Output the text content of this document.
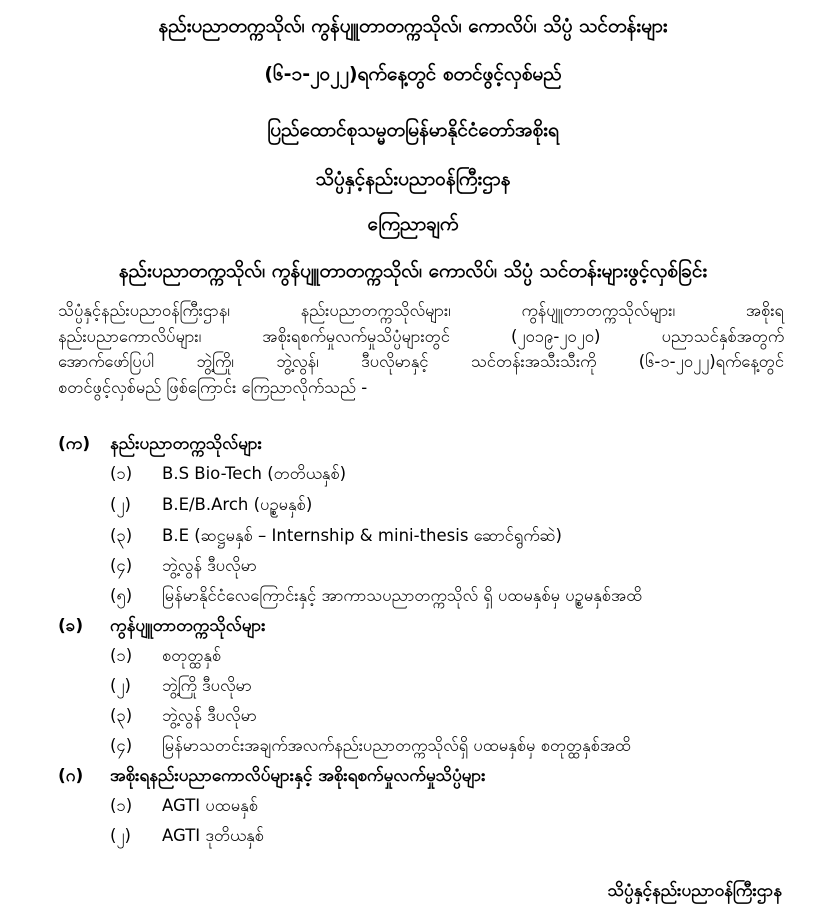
နည်းပညာတက္ကသိုလ်၊ ကွန်ပျူတာတက္ကသိုလ်၊ ကောလိပ်၊ သိပ္ပံ သင်တန်းများ
(၆-၁-၂၀၂၂)ရက်နေ့တွင် စတင်ဖွင့်လှစ်မည်
ပြည်ထောင်စုသမ္မတမြန်မာနိုင်ငံတော်အစိုးရ
သိပ္ပံနှင့်နည်းပညာဝန်ကြီးဌာန
ကြေညာချက်
နည်းပညာတက္ကသိုလ်၊ ကွန်ပျူတာတက္ကသိုလ်၊ ကောလိပ်၊ သိပ္ပံ သင်တန်းများဖွင့်လှစ်ခြင်း
သိပ္ပံနှင့်နည်းပညာဝန်ကြီးဌာန၊ နည်းပညာတက္ကသိုလ်များ၊ ကွန်ပျူတာတက္ကသိုလ်များ၊ အစိုးရ
နည်းပညာကောလိပ်များ၊ အစိုးရစက်မှုလက်မှုသိပ္ပံများတွင် (၂၀၁၉-၂၀၂၀) ပညာသင်နှစ်အတွက်
အောက်ဖော်ပြပါ ဘွဲ့ကြို၊ ဘွဲ့လွန်၊ ဒီပလိုမာနှင့် သင်တန်းအသီးသီးကို (၆-၁-၂၀၂၂)ရက်နေ့တွင်
စတင်ဖွင့်လှစ်မည် ဖြစ်ကြောင်း ကြေညာလိုက်သည် -
(က) နည်းပညာတက္ကသိုလ်များ
(၁) B.S Bio-Tech (တတိယနှစ်)
(၂) B.E/B.Arch (ပဥ္စမနှစ်)
(၃) B.E (ဆဋ္ဌမနှစ် – Internship & mini-thesis ဆောင်ရွက်ဆဲ)
(၄) ဘွဲ့လွန် ဒီပလိုမာ
(၅) မြန်မာနိုင်ငံလေကြောင်းနှင့် အာကာသပညာတက္ကသိုလ် ရှိ ပထမနှစ်မှ ပဥ္စမနှစ်အထိ
(ခ) ကွန်ပျူတာတက္ကသိုလ်များ
(၁) စတုတ္ထနှစ်
(၂) ဘွဲ့ကြို ဒီပလိုမာ
(၃) ဘွဲ့လွန် ဒီပလိုမာ
(၄) မြန်မာသတင်းအချက်အလက်နည်းပညာတက္ကသိုလ်ရှိ ပထမနှစ်မှ စတုတ္ထနှစ်အထိ
(ဂ) အစိုးရနည်းပညာကောလိပ်များနှင့် အစိုးရစက်မှုလက်မှုသိပ္ပံများ
(၁) AGTI ပထမနှစ်
(၂) AGTI ဒုတိယနှစ်
သိပ္ပံနှင့်နည်းပညာဝန်ကြီးဌာန
